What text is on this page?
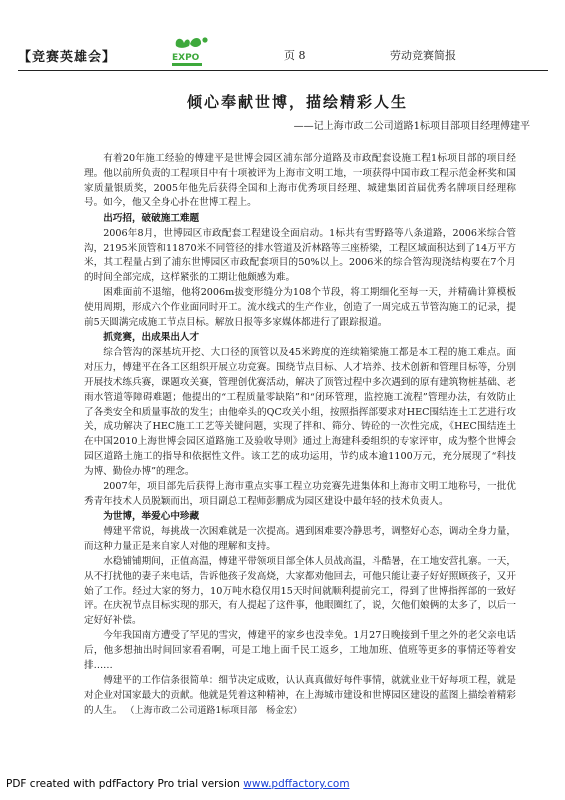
【竞赛英雄会】	EXPO	页 8	劳动竞赛简报
倾心奉献世博，描绘精彩人生
——记上海市政二公司道路1标项目部项目经理傅建平

有着20年施工经验的傅建平是世博会园区浦东部分道路及市政配套设施工程1标项目部的项目经理。他以前所负责的工程项目中有十项被评为上海市文明工地，一项获得中国市政工程示范金杯奖和国家质量银质奖，2005年他先后获得全国和上海市优秀项目经理、城建集团首届优秀名牌项目经理称号。如今，他又全身心扑在世博工程上。

出巧招，破破施工难题

2006年8月，世博园区市政配套工程建设全面启动。1标共有雪野路等八条道路，2006米综合管沟，2195米顶管和11870米不同管径的排水管道及沂林路等三座桥梁，工程区域面积达到了14万平方米，其工程量占到了浦东世博园区市政配套项目的50%以上。2006米的综合管沟现浇结构要在7个月的时间全部完成，这样紧张的工期让他颇感为难。

困难面前不退缩，他将2006m拔变形缝分为108个节段，将工期细化至每一天，并精确计算模板使用周期，形成六个作业面同时开工。流水线式的生产作业，创造了一周完成五节管沟施工的记录，提前5天圆满完成施工节点目标。解放日报等多家媒体都进行了跟踪报道。

抓竞赛，出成果出人才

综合管沟的深基坑开挖、大口径的顶管以及45米跨度的连续箱梁施工都是本工程的施工难点。面对压力，傅建平在各工区组织开展立功竞赛。围绕节点目标、人才培养、技术创新和管理目标等，分别开展技术练兵赛，课题攻关赛，管理创优赛活动，解决了顶管过程中多次遇到的原有建筑物桩基础、老雨水管道等障碍难题；他提出的“工程质量零缺陷”和“闭环管理，监控施工流程”管理办法，有效防止了各类安全和质量事故的发生；由他牵头的QC攻关小组，按照指挥部要求对HEC围结连土工艺进行攻关，成功解决了HEC施工工艺等关键问题，实现了拌和、筛分、铸砼的一次性完成，《HEC围结连土在中国2010上海世博会园区道路施工及验收导则》通过上海建科委组织的专家评审，成为整个世博会园区道路土施工的指导和依据性文件。该工艺的成功运用，节约成本逾1100万元，充分展现了“科技为博、勤俭办博”的理念。

2007年，项目部先后获得上海市重点实事工程立功竞赛先进集体和上海市文明工地称号，一批优秀青年技术人员脱颖而出，项目副总工程师彭鹏成为园区建设中最年轻的技术负责人。

为世博，举爱心中珍藏

傅建平常说，每挑战一次困难就是一次提高。遇到困难要冷静思考，调整好心态，调动全身力量，而这种力量正是来自家人对他的理解和支持。

水稳铺铺期间，正值高温，傅建平带领项目部全体人员战高温，斗酷暑，在工地安营扎寨。一天，从不打扰他的妻子来电话，告诉他孩子发高烧，大家都劝他回去，可他只能让妻子好好照顾孩子，又开始了工作。经过大家的努力，10万吨水稳仅用15天时间就顺利提前完工，得到了世博指挥部的一致好评。在庆祝节点目标实现的那天，有人提起了这件事，他眼圈红了，说，欠他们娘俩的太多了，以后一定好好补偿。

今年我国南方遭受了罕见的雪灾，傅建平的家乡也没幸免。1月27日晚接到千里之外的老父亲电话后，他多想抽出时间回家看看啊，可是工地上面千民工返乡，工地加班、值班等更多的事情还等着安排……

傅建平的工作信条很简单：细节决定成败，认认真真做好每件事情，就就业业干好每项工程，就是对企业对国家最大的贡献。他就是凭着这种精神，在上海城市建设和世博园区建设的蓝图上描绘着精彩的人生。 （上海市政二公司道路1标项目部　杨金宏）

PDF created with pdfFactory Pro trial version www.pdffactory.com
